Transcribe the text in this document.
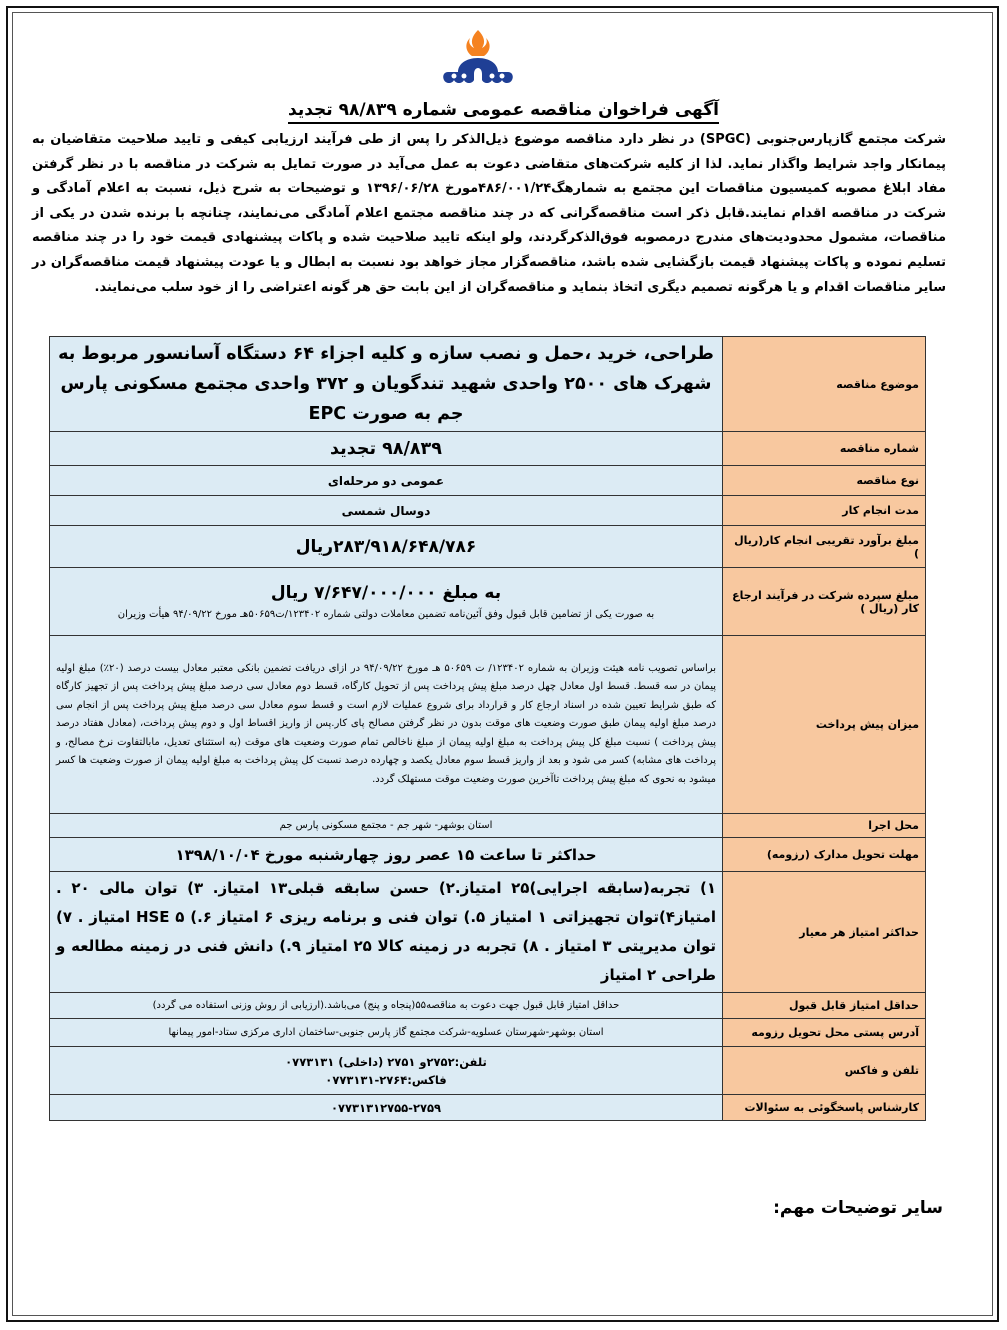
آگهی فراخوان مناقصه عمومی شماره ۹۸/۸۳۹ تجدید
شرکت مجتمع گازپارس‌جنوبی (SPGC) در نظر دارد مناقصه موضوع ذیل‌الذکر را پس از طی فرآیند ارزیابی کیفی و تایید صلاحیت متقاضیان به پیمانکار واجد شرایط واگذار نماید. لذا از کلیه شرکت‌های متقاضی دعوت به عمل می‌آید در صورت تمایل به شرکت در مناقصه با در نظر گرفتن مفاد ابلاغ مصوبه کمیسیون مناقصات این مجتمع به شمارهگ۴۸۶/۰۰۱/۲۴مورخ ۱۳۹۶/۰۶/۲۸ و توضیحات به شرح ذیل، نسبت به اعلام آمادگی و شرکت در مناقصه اقدام نمایند.قابل ذکر است مناقصه‌گرانی که در چند مناقصه مجتمع اعلام آمادگی می‌نمایند، چنانچه با برنده شدن در یکی از مناقصات، مشمول محدودیت‌های مندرج درمصوبه فوق‌الذکرگردند، ولو اینکه تایید صلاحیت شده و پاکات پیشنهادی قیمت خود را در چند مناقصه تسلیم نموده و پاکات پیشنهاد قیمت بازگشایی شده باشد، مناقصه‌گزار مجاز خواهد بود نسبت به ابطال و یا عودت پیشنهاد قیمت مناقصه‌گران در سایر مناقصات اقدام و یا هرگونه تصمیم دیگری اتخاذ بنماید و مناقصه‌گران از این بابت حق هر گونه اعتراضی را از خود سلب می‌نمایند.
موضوع مناقصه	طراحی، خرید ،حمل و نصب سازه و کلیه اجزاء ۶۴ دستگاه آسانسور مربوط به شهرک های ۲۵۰۰ واحدی شهید تندگویان و ۳۷۲ واحدی مجتمع مسکونی پارس جم به صورت EPC
شماره مناقصه	۹۸/۸۳۹ تجدید
نوع مناقصه	عمومی دو مرحله‌ای
مدت انجام کار	دوسال شمسی
مبلغ برآورد تقریبی انجام کار(ریال )	۲۸۳/۹۱۸/۶۴۸/۷۸۶ریال
مبلغ سپرده شرکت در فرآیند ارجاع کار (ریال )	به مبلغ ۷/۶۴۷/۰۰۰/۰۰۰ ریال
به صورت یکی از تضامین قابل قبول وفق آئین‌نامه تضمین معاملات دولتی شماره ۱۲۳۴۰۲/ت۵۰۶۵۹هـ مورخ ۹۴/۰۹/۲۲ هیأت وزیران

میزان پیش پرداخت	براساس تصویب نامه هیئت وزیران به شماره ۱۲۳۴۰۲/ ت ۵۰۶۵۹ هـ مورخ ۹۴/۰۹/۲۲ در ازای دریافت تضمین بانکی معتبر معادل بیست درصد (۲۰٪) مبلغ اولیه پیمان در سه قسط. قسط اول معادل چهل درصد مبلغ پیش پرداخت پس از تحویل کارگاه، قسط دوم معادل سی درصد مبلغ پیش پرداخت پس از تجهیز کارگاه که طبق شرایط تعیین شده در اسناد ارجاع کار و قرارداد برای شروع عملیات لازم است و قسط سوم معادل سی درصد مبلغ پیش پرداخت پس از انجام سی درصد مبلغ اولیه پیمان طبق صورت وضعیت های موقت بدون در نظر گرفتن مصالح پای کار.پس از واریز اقساط اول و دوم پیش پرداخت، (معادل هفتاد درصد پیش پرداخت ) نسبت مبلغ کل پیش پرداخت به مبلغ اولیه پیمان از مبلغ ناخالص تمام صورت وضعیت های موقت (به استثنای تعدیل، مابالتفاوت نرخ مصالح، و پرداخت های مشابه) کسر می شود و بعد از واریز قسط سوم معادل یکصد و چهارده درصد نسبت کل پیش پرداخت به مبلغ اولیه پیمان از صورت وضعیت ها کسر میشود به نحوی که مبلغ پیش پرداخت تاآخرین صورت وضعیت موقت مستهلک گردد.
محل اجرا	استان بوشهر- شهر جم - مجتمع مسکونی پارس جم
مهلت تحویل مدارک (رزومه)	حداکثر تا ساعت ۱۵ عصر روز چهارشنبه مورخ ۱۳۹۸/۱۰/۰۴
حداکثر امتیاز هر معیار	۱) تجربه(سابقه اجرایی)۲۵ امتیاز.۲) حسن سابقه قبلی۱۳ امتیاز. ۳) توان مالی ۲۰ . امتیاز۴)توان تجهیزاتی ۱ امتیاز ۵.) توان فنی و برنامه ریزی ۶ امتیاز ۶.) HSE ۵ امتیاز . ۷) توان مدیریتی ۳ امتیاز . ۸) تجربه در زمینه کالا ۲۵ امتیاز ۹.) دانش فنی در زمینه مطالعه و طراحی ۲ امتیاز
حداقل امتیاز قابل قبول	حداقل امتیاز قابل قبول جهت دعوت به مناقصه۵۵(پنجاه و پنج) می‌باشد.(ارزیابی از روش وزنی استفاده می گردد)
آدرس پستی محل تحویل رزومه	استان بوشهر-شهرستان عسلویه-شرکت مجتمع گاز پارس جنوبی-ساختمان اداری مرکزی ستاد-امور پیمانها
تلفن و فاکس	تلفن:۲۷۵۲و ۲۷۵۱ (داخلی) ۰۷۷۳۱۳۱
فاکس:۲۷۶۴-۰۷۷۳۱۳۱

کارشناس پاسخگوئی به سئوالات	۰۷۷۳۱۳۱۲۷۵۵-۲۷۵۹
سایر توضیحات مهم:
